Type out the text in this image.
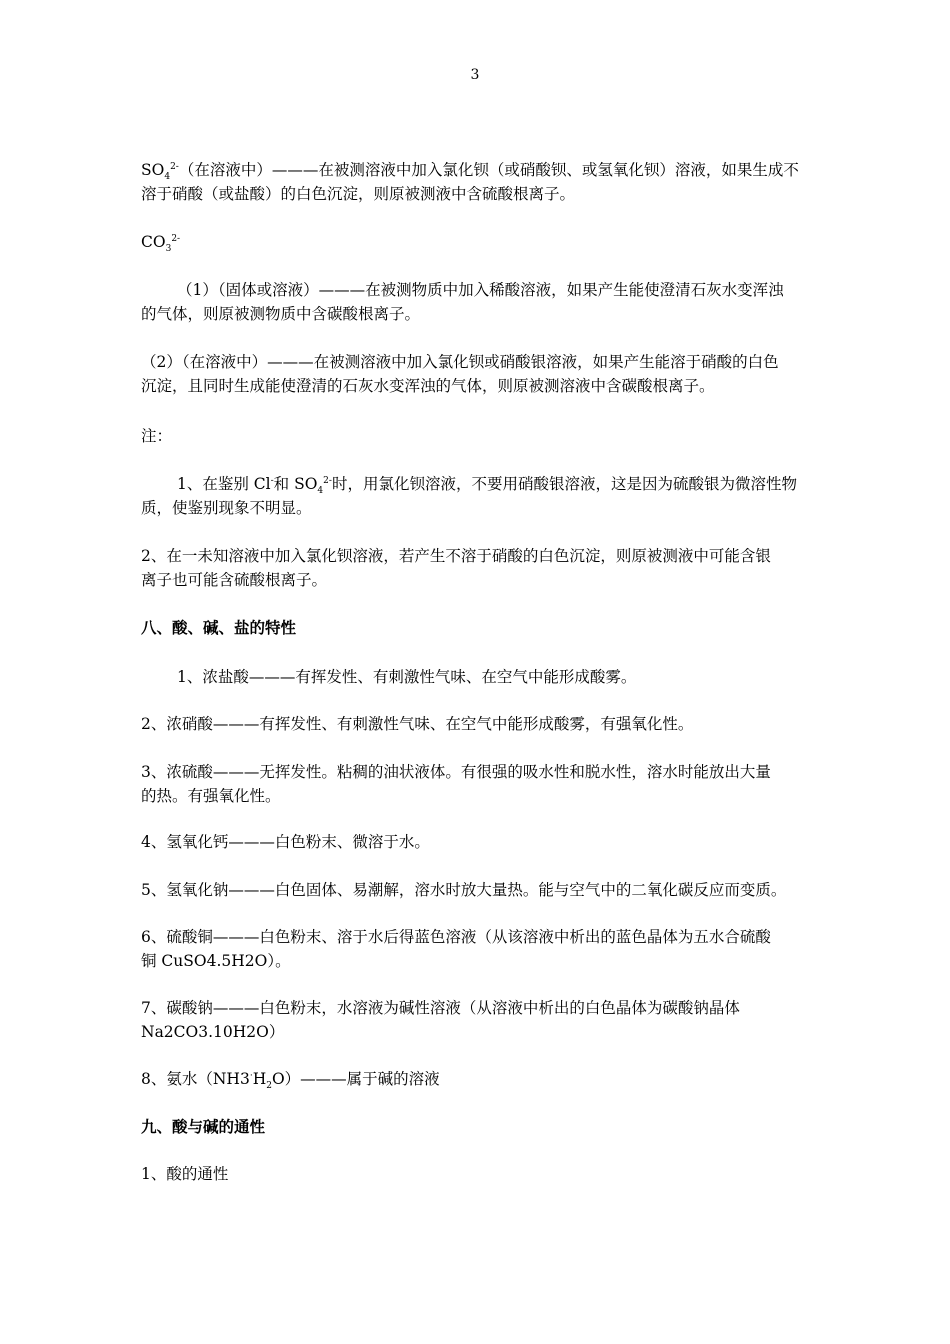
3
$SO_4^{2-}$（在溶液中）———在被测溶液中加入氯化钡（或硝酸钡、或氢氧化钡）溶液，如果生成不
溶于硝酸（或盐酸）的白色沉淀，则原被测液中含硫酸根离子。
$CO_3^{2-}$
（1）（固体或溶液）———在被测物质中加入稀酸溶液，如果产生能使澄清石灰水变浑浊
的气体，则原被测物质中含碳酸根离子。
（2）（在溶液中）———在被测溶液中加入氯化钡或硝酸银溶液，如果产生能溶于硝酸的白色
沉淀，且同时生成能使澄清的石灰水变浑浊的气体，则原被测溶液中含碳酸根离子。
注：
1、在鉴别 Cl-和 $SO_4^{2-}$时，用氯化钡溶液，不要用硝酸银溶液，这是因为硫酸银为微溶性物
质，使鉴别现象不明显。
2、在一未知溶液中加入氯化钡溶液，若产生不溶于硝酸的白色沉淀，则原被测液中可能含银
离子也可能含硫酸根离子。
八、酸、碱、盐的特性
1、浓盐酸———有挥发性、有刺激性气味、在空气中能形成酸雾。
2、浓硝酸———有挥发性、有刺激性气味、在空气中能形成酸雾，有强氧化性。
3、浓硫酸———无挥发性。粘稠的油状液体。有很强的吸水性和脱水性，溶水时能放出大量
的热。有强氧化性。
4、氢氧化钙———白色粉末、微溶于水。
5、氢氧化钠———白色固体、易潮解，溶水时放大量热。能与空气中的二氧化碳反应而变质。
6、硫酸铜———白色粉末、溶于水后得蓝色溶液（从该溶液中析出的蓝色晶体为五水合硫酸
铜 CuSO4.5H2O）。
7、碳酸钠———白色粉末，水溶液为碱性溶液（从溶液中析出的白色晶体为碳酸钠晶体
Na2CO3.10H2O）
8、氨水$(NH3^\cdot H_2O)———$属于碱的溶液
九、酸与碱的通性
1、酸的通性
